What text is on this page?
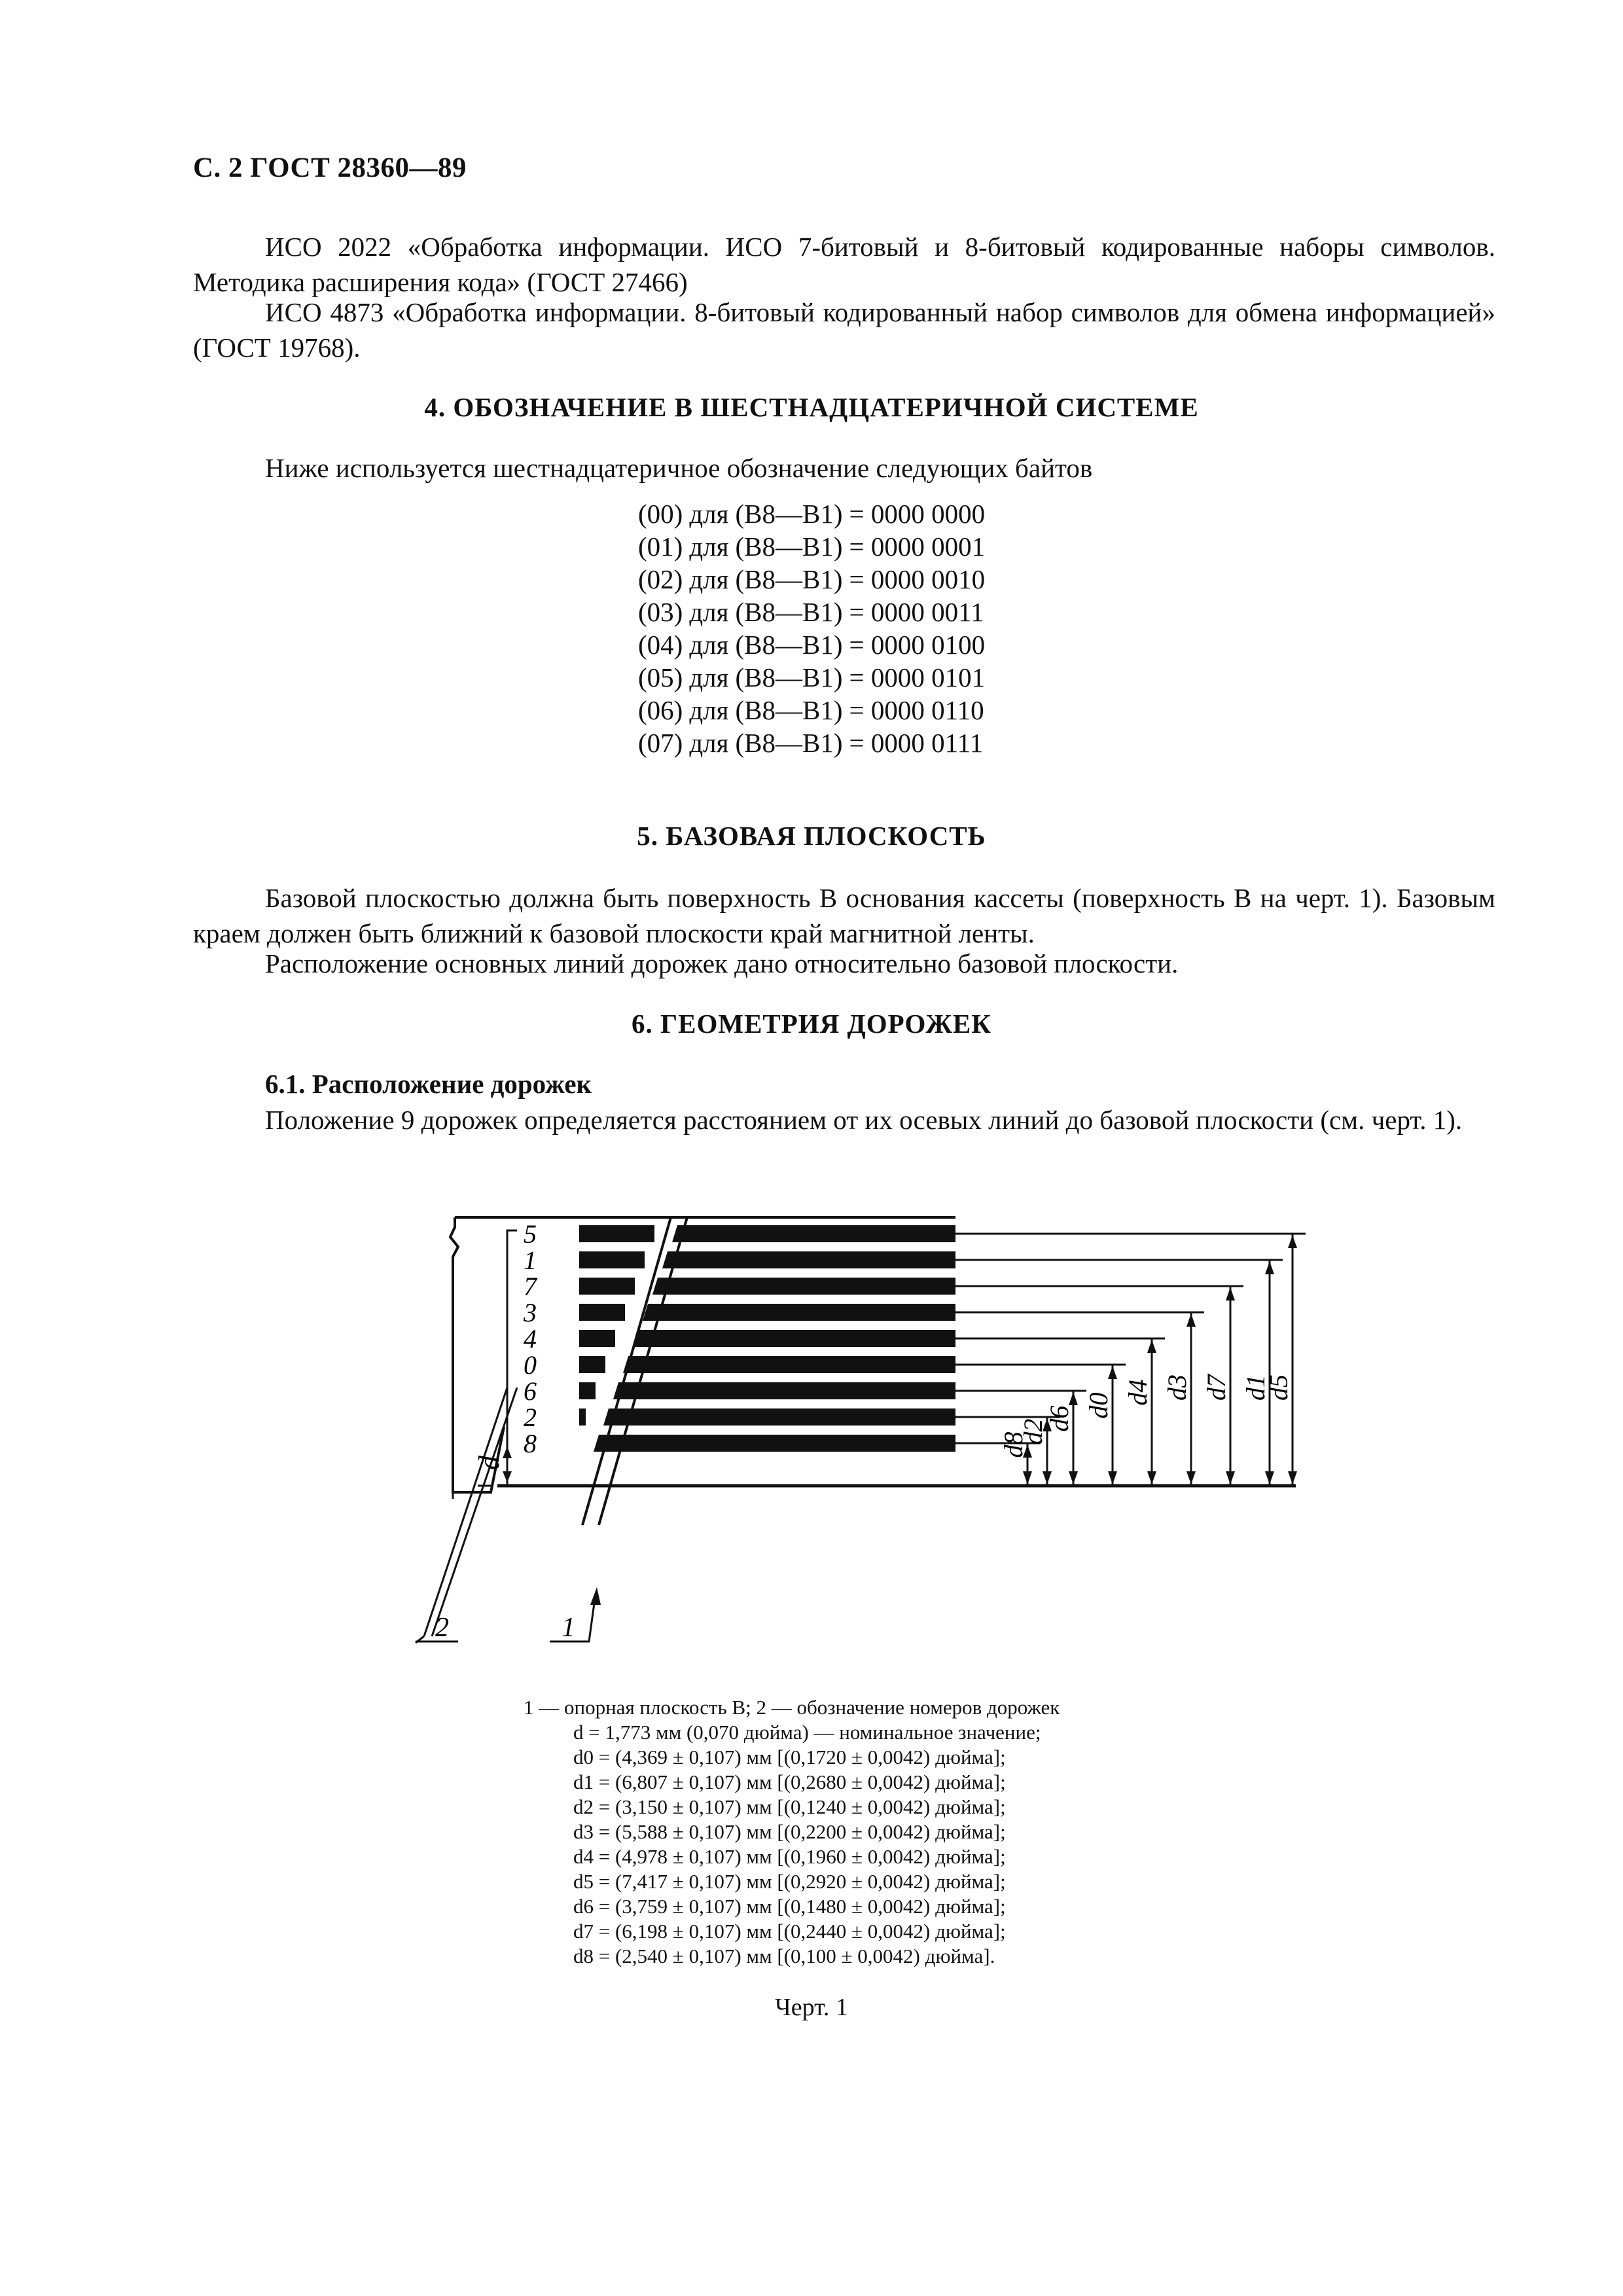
С. 2 ГОСТ 28360—89
ИСО 2022 «Обработка информации. ИСО 7-битовый и 8-битовый кодированные наборы символов. Методика расширения кода» (ГОСТ 27466)
ИСО 4873 «Обработка информации. 8-битовый кодированный набор символов для обмена информацией» (ГОСТ 19768).
4. ОБОЗНАЧЕНИЕ В ШЕСТНАДЦАТЕРИЧНОЙ СИСТЕМЕ
Ниже используется шестнадцатеричное обозначение следующих байтов
(00)	для	(B8—B1)	= 0000 0000
(01)	для	(B8—B1)	= 0000 0001
(02)	для	(B8—B1)	= 0000 0010
(03)	для	(B8—B1)	= 0000 0011
(04)	для	(B8—B1)	= 0000 0100
(05)	для	(B8—B1)	= 0000 0101
(06)	для	(B8—B1)	= 0000 0110
(07)	для	(B8—B1)	= 0000 0111
5. БАЗОВАЯ ПЛОСКОСТЬ
Базовой плоскостью должна быть поверхность B основания кассеты (поверхность B на черт. 1). Базовым краем должен быть ближний к базовой плоскости край магнитной ленты.
Расположение основных линий дорожек дано относительно базовой плоскости.
6. ГЕОМЕТРИЯ ДОРОЖЕК
6.1. Расположение дорожек
Положение 9 дорожек определяется расстоянием от их осевых линий до базовой плоскости (см. черт. 1).
5
1
7
3
4
0
6
2
8	d8
d2
d6 d0 d4 d3 d7 d1
d5
d
1
2
1 — опорная плоскость B; 2 — обозначение номеров дорожек
d = 1,773 мм (0,070 дюйма) — номинальное значение;
d0 = (4,369 ± 0,107) мм [(0,1720 ± 0,0042) дюйма];
d1 = (6,807 ± 0,107) мм [(0,2680 ± 0,0042) дюйма];
d2 = (3,150 ± 0,107) мм [(0,1240 ± 0,0042) дюйма];
d3 = (5,588 ± 0,107) мм [(0,2200 ± 0,0042) дюйма];
d4 = (4,978 ± 0,107) мм [(0,1960 ± 0,0042) дюйма];
d5 = (7,417 ± 0,107) мм [(0,2920 ± 0,0042) дюйма];
d6 = (3,759 ± 0,107) мм [(0,1480 ± 0,0042) дюйма];
d7 = (6,198 ± 0,107) мм [(0,2440 ± 0,0042) дюйма];
d8 = (2,540 ± 0,107) мм [(0,100 ± 0,0042) дюйма].
Черт. 1
